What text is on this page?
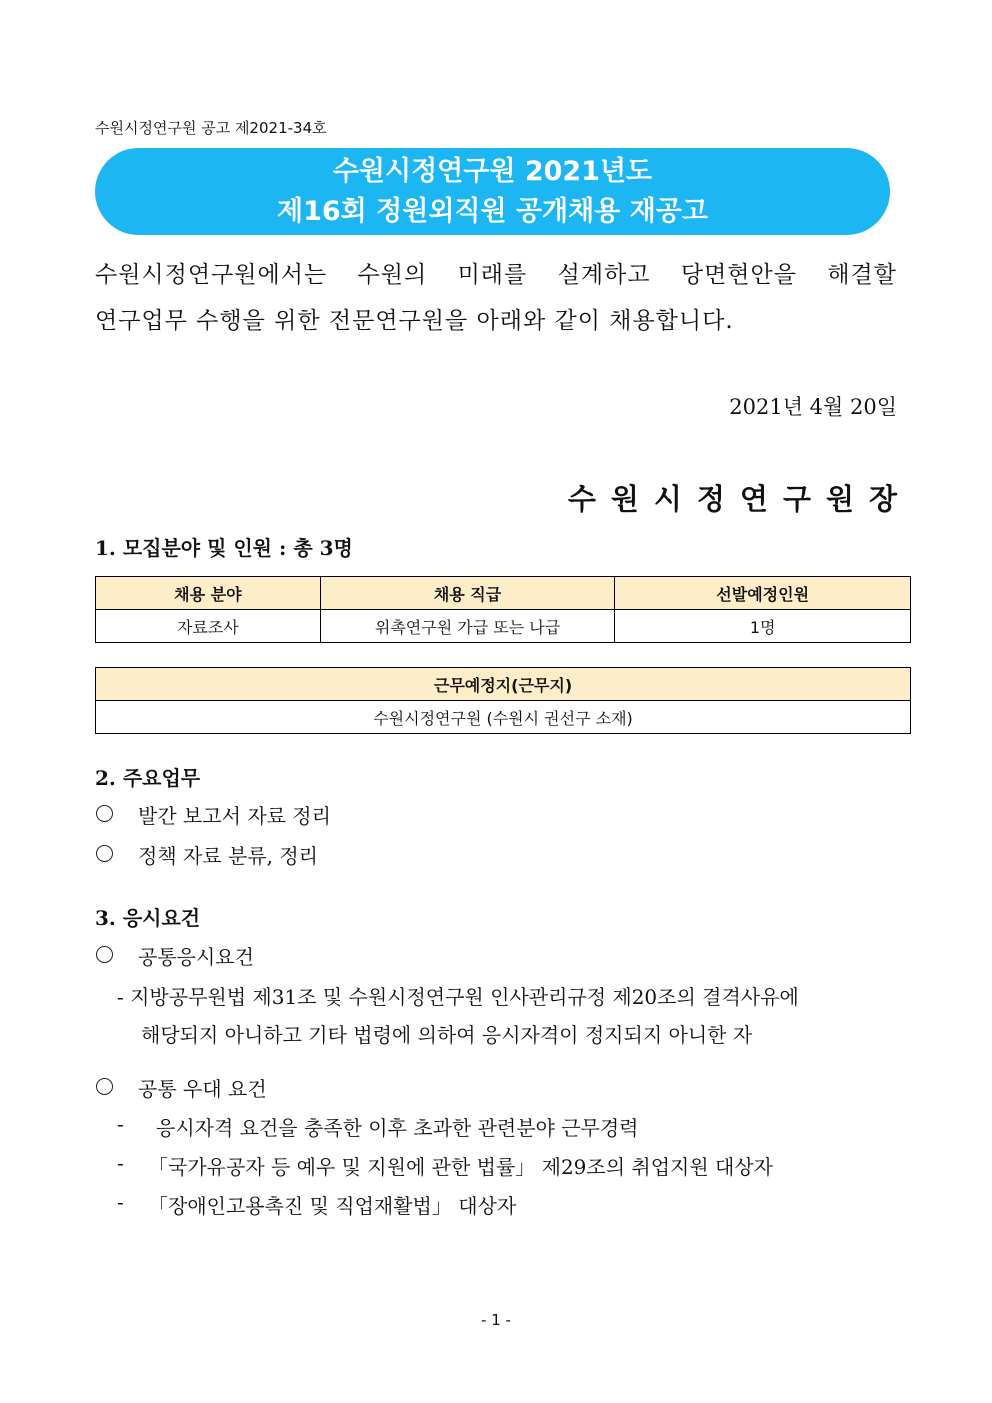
수원시정연구원 공고 제2021-34호
수원시정연구원 2021년도
제16회 정원외직원 공개채용 재공고
수원시정연구원에서는 수원의 미래를 설계하고 당면현안을 해결할
연구업무 수행을 위한 전문연구원을 아래와 같이 채용합니다.
2021년 4월 20일
수원시정연구원장
1. 모집분야 및 인원 : 총 3명
채용 분야	채용 직급	선발예정인원
자료조사	위촉연구원 가급 또는 나급	1명
근무예정지(근무지)
수원시정연구원 (수원시 권선구 소재)
2. 주요업무
발간 보고서 자료 정리
정책 자료 분류, 정리
3. 응시요건
공통응시요건
- 지방공무원법 제31조 및 수원시정연구원 인사관리규정 제20조의 결격사유에
해당되지 아니하고 기타 법령에 의하여 응시자격이 정지되지 아니한 자
공통 우대 요건
- 응시자격 요건을 충족한 이후 초과한 관련분야 근무경력
- 「국가유공자 등 예우 및 지원에 관한 법률」 제29조의 취업지원 대상자
- 「장애인고용촉진 및 직업재활법」 대상자
- 1 -
